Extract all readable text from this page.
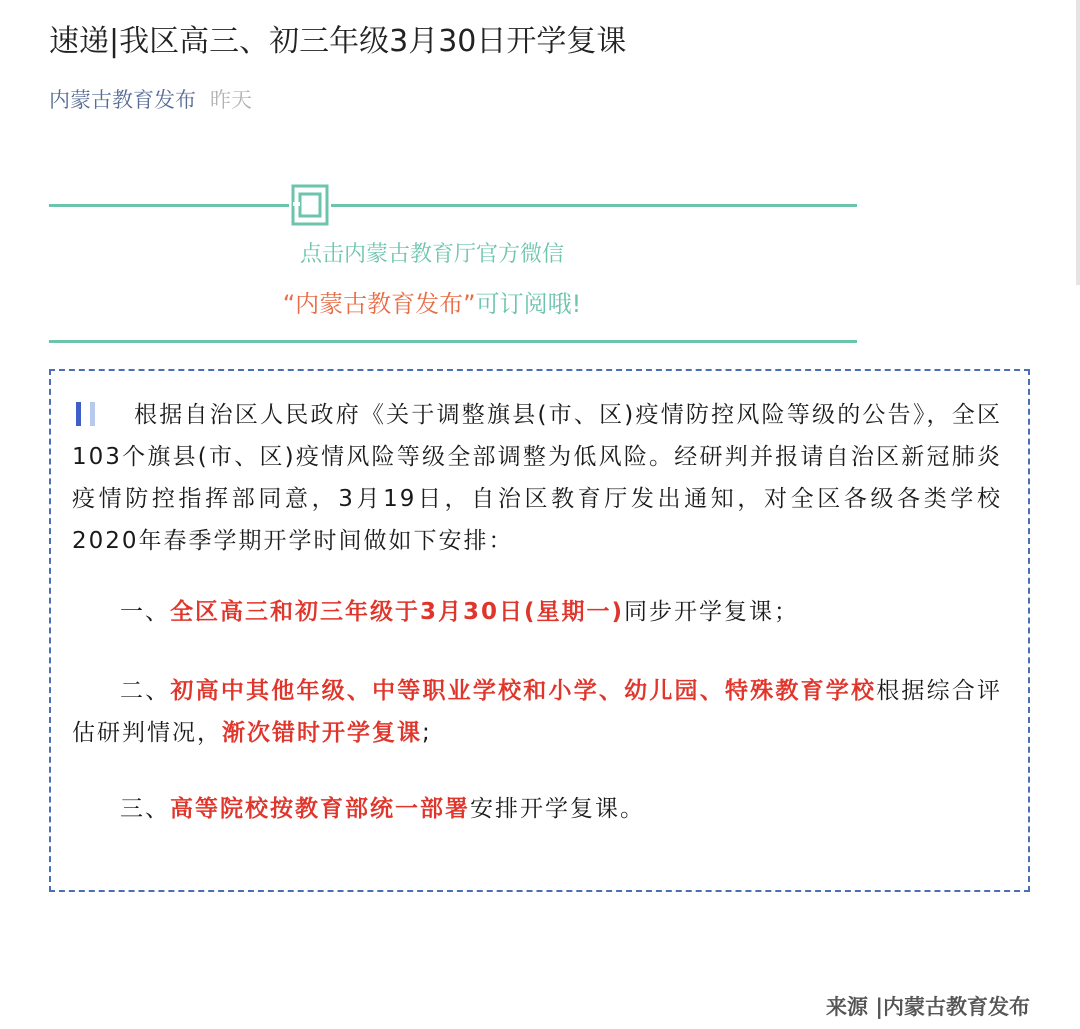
速递|我区高三、初三年级3月30日开学复课
内蒙古教育发布 昨天
点击内蒙古教育厅官方微信
“内蒙古教育发布”可订阅哦!

根据自治区人民政府《关于调整旗县(市、区)疫情防控风险等级的公告》，全区103个旗县(市、区)疫情风险等级全部调整为低风险。经研判并报请自治区新冠肺炎疫情防控指挥部同意，3月19日，自治区教育厅发出通知，对全区各级各类学校2020年春季学期开学时间做如下安排：

一、全区高三和初三年级于3月30日(星期一)同步开学复课；

二、初高中其他年级、中等职业学校和小学、幼儿园、特殊教育学校根据综合评估研判情况，渐次错时开学复课;

三、高等院校按教育部统一部署安排开学复课。

来源 |内蒙古教育发布
